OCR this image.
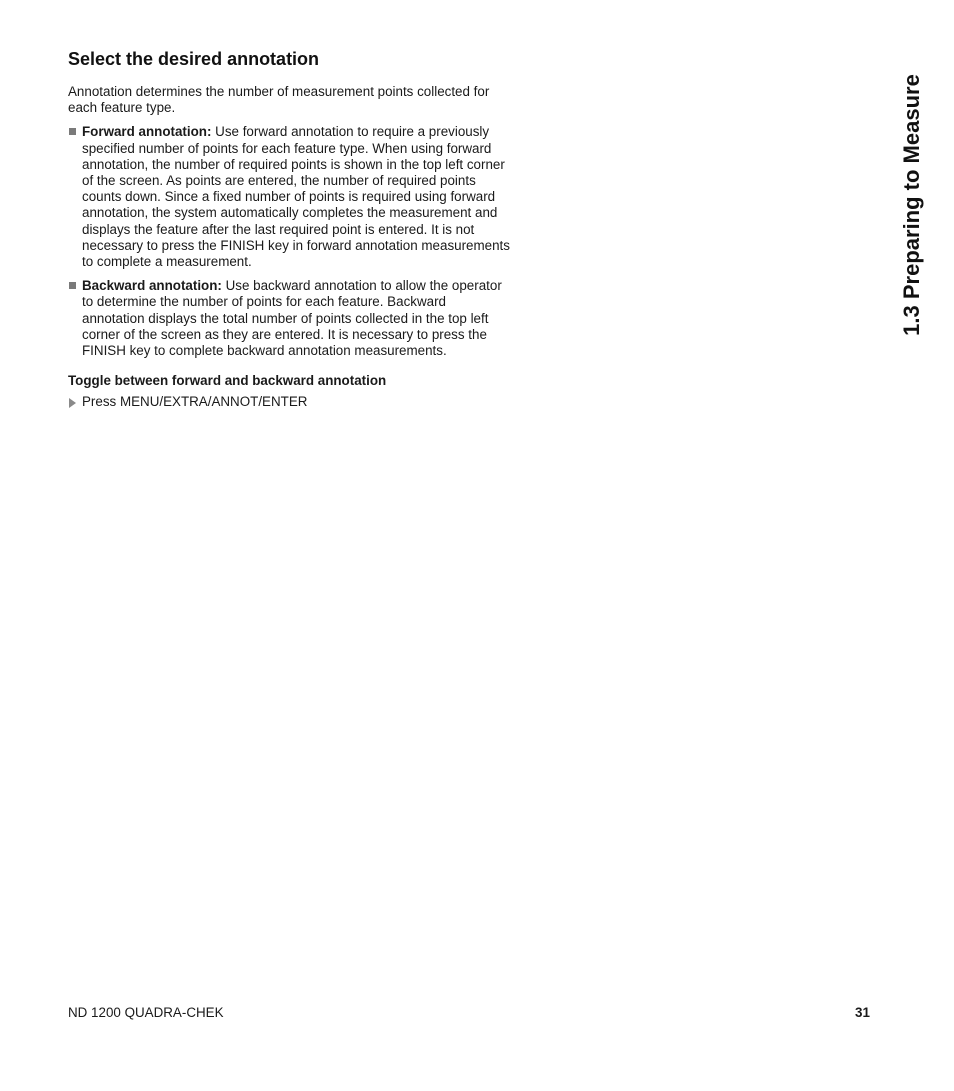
Select the desired annotation

Annotation determines the number of measurement points collected for each feature type.

Forward annotation: Use forward annotation to require a previously specified number of points for each feature type. When using forward annotation, the number of required points is shown in the top left corner of the screen. As points are entered, the number of required points counts down. Since a fixed number of points is required using forward annotation, the system automatically completes the measurement and displays the feature after the last required point is entered. It is not necessary to press the FINISH key in forward annotation measurements to complete a measurement.
Backward annotation: Use backward annotation to allow the operator to determine the number of points for each feature. Backward annotation displays the total number of points collected in the top left corner of the screen as they are entered. It is necessary to press the FINISH key to complete backward annotation measurements.
Toggle between forward and backward annotation
Press MENU/EXTRA/ANNOT/ENTER
1.3 Preparing to Measure
ND 1200 QUADRA-CHEK	31
